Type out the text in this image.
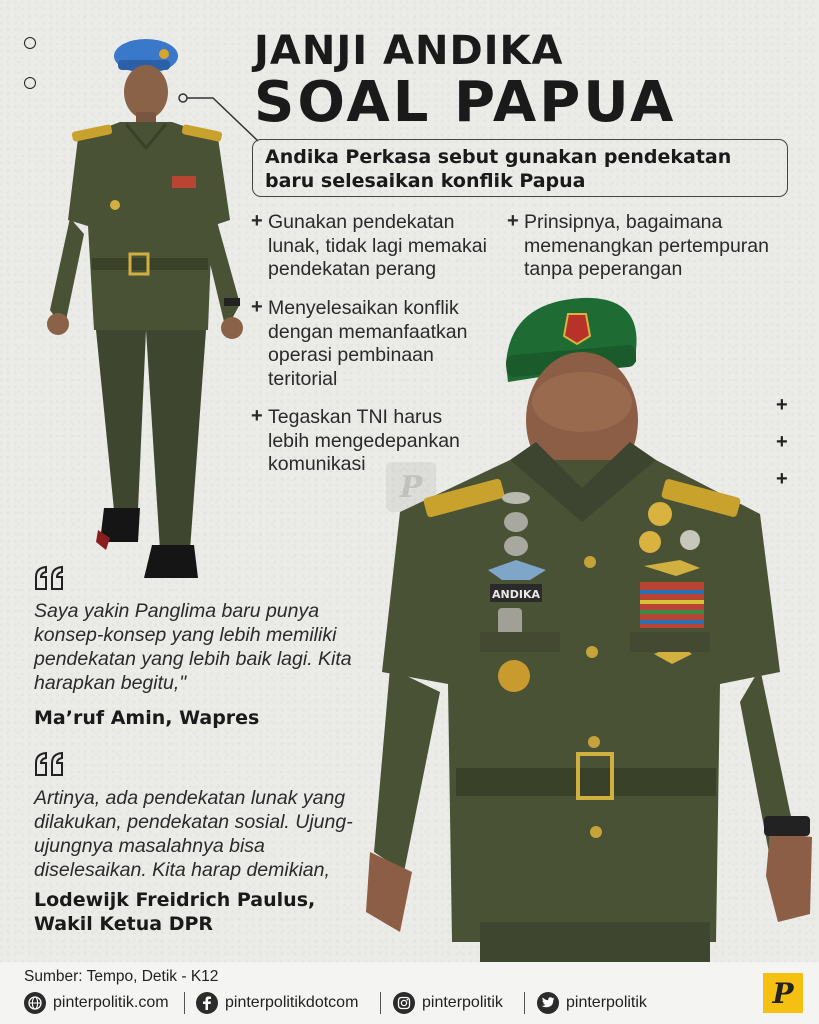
JANJI ANDIKA
SOAL PAPUA
Andika Perkasa sebut gunakan pendekatan baru selesaikan konflik Papua
+ Gunakan pendekatan lunak, tidak lagi memakai pendekatan perang
+ Menyelesaikan konflik dengan memanfaatkan operasi pembinaan teritorial
+ Tegaskan TNI harus lebih mengedepankan komunikasi
+ Prinsipnya, bagaimana memenangkan pertempuran tanpa peperangan
+
+
+
P
ANDIKA
Saya yakin Panglima baru punya konsep-konsep yang lebih memiliki pendekatan yang lebih baik lagi. Kita harapkan begitu,"
Ma’ruf Amin, Wapres
Artinya, ada pendekatan lunak yang dilakukan, pendekatan sosial. Ujung-ujungnya masalahnya bisa diselesaikan. Kita harap demikian,
Lodewijk Freidrich Paulus,
Wakil Ketua DPR
Sumber: Tempo, Detik - K12
pinterpolitik.com	pinterpolitikdotcom	pinterpolitik	pinterpolitik	P
